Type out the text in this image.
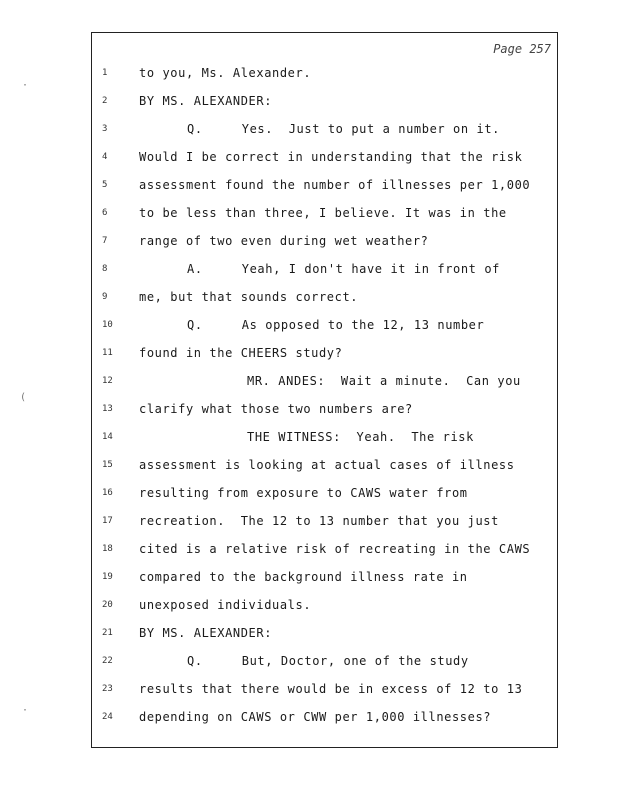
Page 257
·
(
·
1	to you, Ms. Alexander.
2	BY MS. ALEXANDER:
3	Q.     Yes.  Just to put a number on it.
4	Would I be correct in understanding that the risk
5	assessment found the number of illnesses per 1,000
6	to be less than three, I believe. It was in the
7	range of two even during wet weather?
8	A.     Yeah, I don't have it in front of
9	me, but that sounds correct.
10	Q.     As opposed to the 12, 13 number
11 found in the CHEERS study?
12	MR. ANDES:  Wait a minute.  Can you
13 clarify what those two numbers are?
14	THE WITNESS:  Yeah.  The risk
15 assessment is looking at actual cases of illness
16 resulting from exposure to CAWS water from
17 recreation.  The 12 to 13 number that you just
18 cited is a relative risk of recreating in the CAWS
19 compared to the background illness rate in
20 unexposed individuals.
21 BY MS. ALEXANDER:
22	Q.     But, Doctor, one of the study
23 results that there would be in excess of 12 to 13
24 depending on CAWS or CWW per 1,000 illnesses?
